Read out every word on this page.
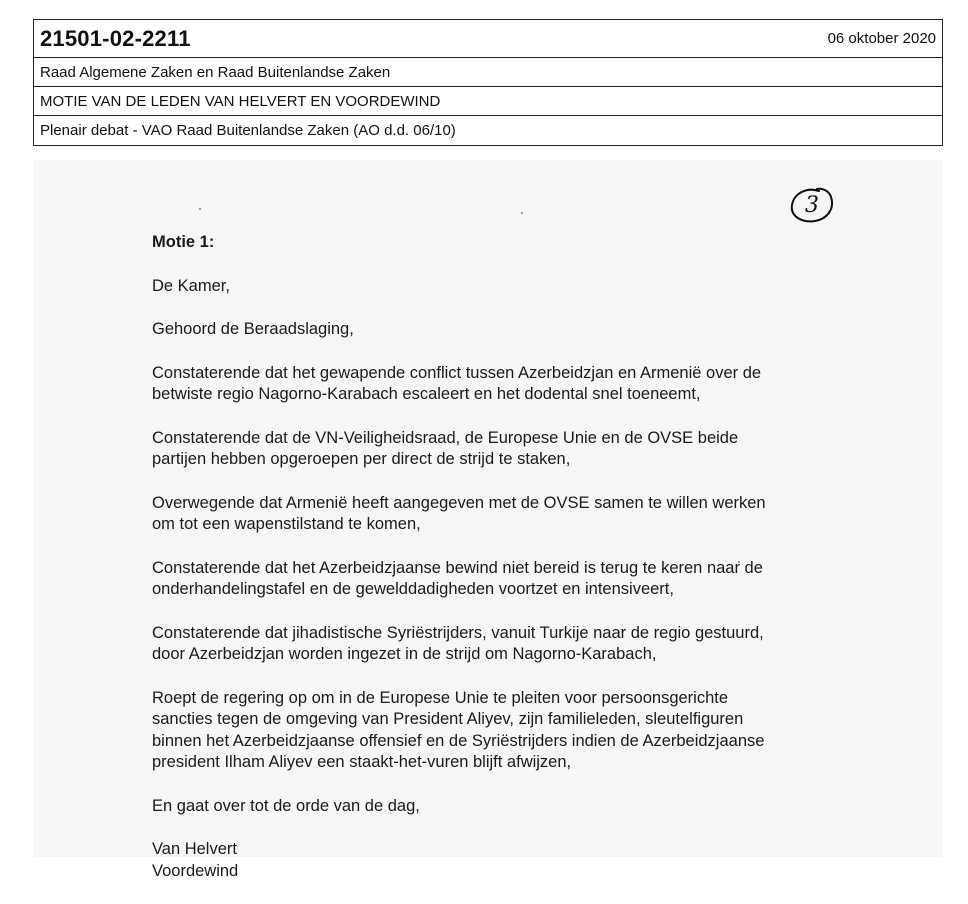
21501-02-2211	06 oktober 2020
Raad Algemene Zaken en Raad Buitenlandse Zaken
MOTIE VAN DE LEDEN VAN HELVERT EN VOORDEWIND
Plenair debat - VAO Raad Buitenlandse Zaken (AO d.d. 06/10)
3

Motie 1:

De Kamer,

Gehoord de Beraadslaging,

Constaterende dat het gewapende conflict tussen Azerbeidzjan en Armenië over de
betwiste regio Nagorno-Karabach escaleert en het dodental snel toeneemt,

Constaterende dat de VN-Veiligheidsraad, de Europese Unie en de OVSE beide
partijen hebben opgeroepen per direct de strijd te staken,

Overwegende dat Armenië heeft aangegeven met de OVSE samen te willen werken
om tot een wapenstilstand te komen,

Constaterende dat het Azerbeidzjaanse bewind niet bereid is terug te keren naar de
onderhandelingstafel en de gewelddadigheden voortzet en intensiveert,

Constaterende dat jihadistische Syriëstrijders, vanuit Turkije naar de regio gestuurd,
door Azerbeidzjan worden ingezet in de strijd om Nagorno-Karabach,

Roept de regering op om in de Europese Unie te pleiten voor persoonsgerichte
sancties tegen de omgeving van President Aliyev, zijn familieleden, sleutelfiguren
binnen het Azerbeidzjaanse offensief en de Syriëstrijders indien de Azerbeidzjaanse
president Ilham Aliyev een staakt-het-vuren blijft afwijzen,

En gaat over tot de orde van de dag,

Van Helvert
Voordewind
